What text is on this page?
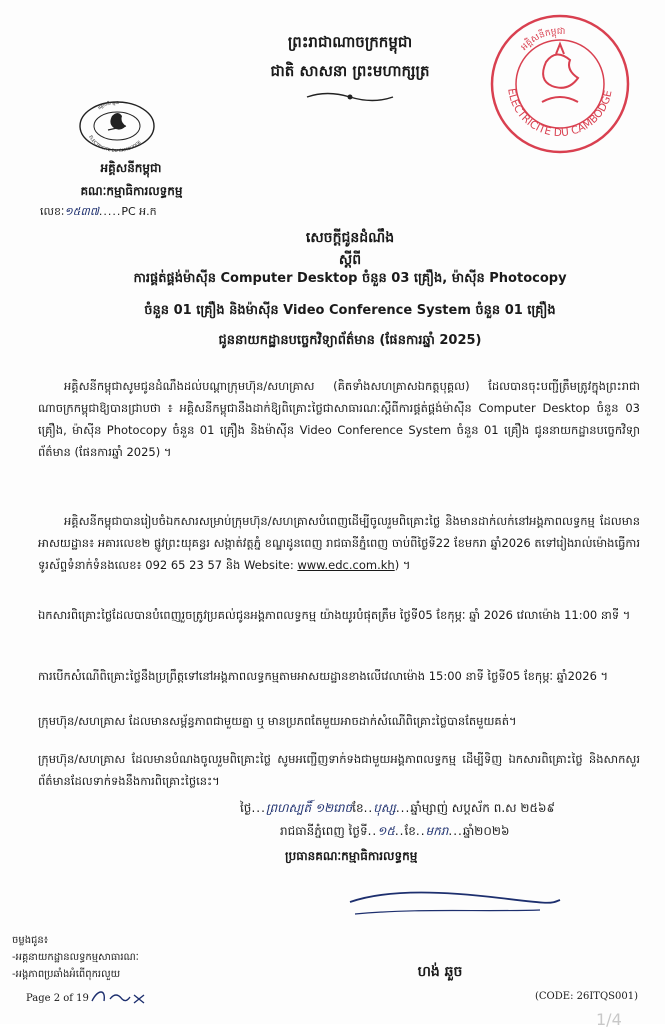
ព្រះរាជាណាចក្រកម្ពុជា
ជាតិ សាសនា ព្រះមហាក្សត្រ
ELECTRICITE DU CAMBODGE
អគ្គិសនីកម្ពុជា
អគ្គិសនីកម្ពុជា
គណៈកម្មាធិការលទ្ធកម្ម
លេខៈ១៥៣៧.....PC អ.ក
ELECTRICITE DU CAMBODGE
អគ្គិសនីកម្ពុជា
សេចក្តីជូនដំណឹង
ស្តីពី
ការផ្គត់ផ្គង់ម៉ាស៊ីន Computer Desktop ចំនួន 03 គ្រឿង, ម៉ាស៊ីន Photocopy
ចំនួន 01 គ្រឿង និងម៉ាស៊ីន Video Conference System ចំនួន 01 គ្រឿង
ជូននាយកដ្ឋានបច្ចេកវិទ្យាព័ត៌មាន (ផែនការឆ្នាំ 2025)
អគ្គិសនីកម្ពុជាសូមជូនដំណឹងដល់បណ្តាក្រុមហ៊ុន/សហគ្រាស (គិតទាំងសហគ្រាសឯកត្តបុគ្គល) ដែលបានចុះបញ្ជីត្រឹមត្រូវក្នុងព្រះរាជាណាចក្រកម្ពុជាឱ្យបានជ្រាបថា ៖ អគ្គិសនីកម្ពុជានឹងដាក់ឱ្យពិគ្រោះថ្លៃជាសាធារណៈស្តីពីការផ្គត់ផ្គង់ម៉ាស៊ីន Computer Desktop ចំនួន 03 គ្រឿង, ម៉ាស៊ីន Photocopy ចំនួន 01 គ្រឿង និងម៉ាស៊ីន Video Conference System ចំនួន 01 គ្រឿង ជូននាយកដ្ឋានបច្ចេកវិទ្យាព័ត៌មាន (ផែនការឆ្នាំ 2025) ។
អគ្គិសនីកម្ពុជាបានរៀបចំឯកសារសម្រាប់ក្រុមហ៊ុន/សហគ្រាសបំពេញដើម្បីចូលរួមពិគ្រោះថ្លៃ និងមានដាក់លក់នៅអង្គភាពលទ្ធកម្ម ដែលមានអាសយដ្ឋាន៖ អគារលេខ២ ផ្លូវព្រះយុគន្ធរ សង្កាត់វត្តភ្នំ ខណ្ឌដូនពេញ រាជធានីភ្នំពេញ ចាប់ពីថ្ងៃទី22 ខែមករា ឆ្នាំ2026 តទៅរៀងរាល់ម៉ោងធ្វើការ ទូរស័ព្ទទំនាក់ទំនងលេខ៖ 092 65 23 57 និង Website: www.edc.com.kh) ។
ឯកសារពិគ្រោះថ្លៃដែលបានបំពេញរួចត្រូវប្រគល់ជូនអង្គភាពលទ្ធកម្ម យ៉ាងយូរបំផុតត្រឹម ថ្ងៃទី05 ខែកុម្ភៈ ឆ្នាំ 2026 វេលាម៉ោង 11:00 នាទី ។
ការបើកសំណើពិគ្រោះថ្លៃនឹងប្រព្រឹត្តទៅនៅអង្គភាពលទ្ធកម្មតាមអាសយដ្ឋានខាងលើវេលាម៉ោង 15:00 នាទី ថ្ងៃទី05 ខែកុម្ភៈ ឆ្នាំ2026 ។
ក្រុមហ៊ុន/សហគ្រាស ដែលមានសម្ព័ន្ធភាពជាមួយគ្នា ឬ មានប្រភពតែមួយអាចដាក់សំណើពិគ្រោះថ្លៃបានតែមួយគត់។
ក្រុមហ៊ុន/សហគ្រាស ដែលមានបំណងចូលរួមពិគ្រោះថ្លៃ សូមអញ្ជើញទាក់ទងជាមួយអង្គភាពលទ្ធកម្ម ដើម្បីទិញ ឯកសារពិគ្រោះថ្លៃ និងសាកសួរព័ត៌មានដែលទាក់ទងនឹងការពិគ្រោះថ្លៃនេះ។
ថ្ងៃ...ព្រហស្បតិ៍ ១២រោចខែ..បុស្ស...ឆ្នាំម្សាញ់ សប្តស័ក ព.ស ២៥៦៩
រាជធានីភ្នំពេញ ថ្ងៃទី..១៥..ខែ..មករា...ឆ្នាំ២០២៦
ប្រធានគណៈកម្មាធិការលទ្ធកម្ម
ហង់ ឆួច
ចម្លងជូន៖
-អគ្គនាយកដ្ឋានលទ្ធកម្មសាធារណៈ
-អង្គភាពប្រឆាំងអំពើពុករលួយ
Page 2 of 19	(CODE: 26ITQS001)
1/4
